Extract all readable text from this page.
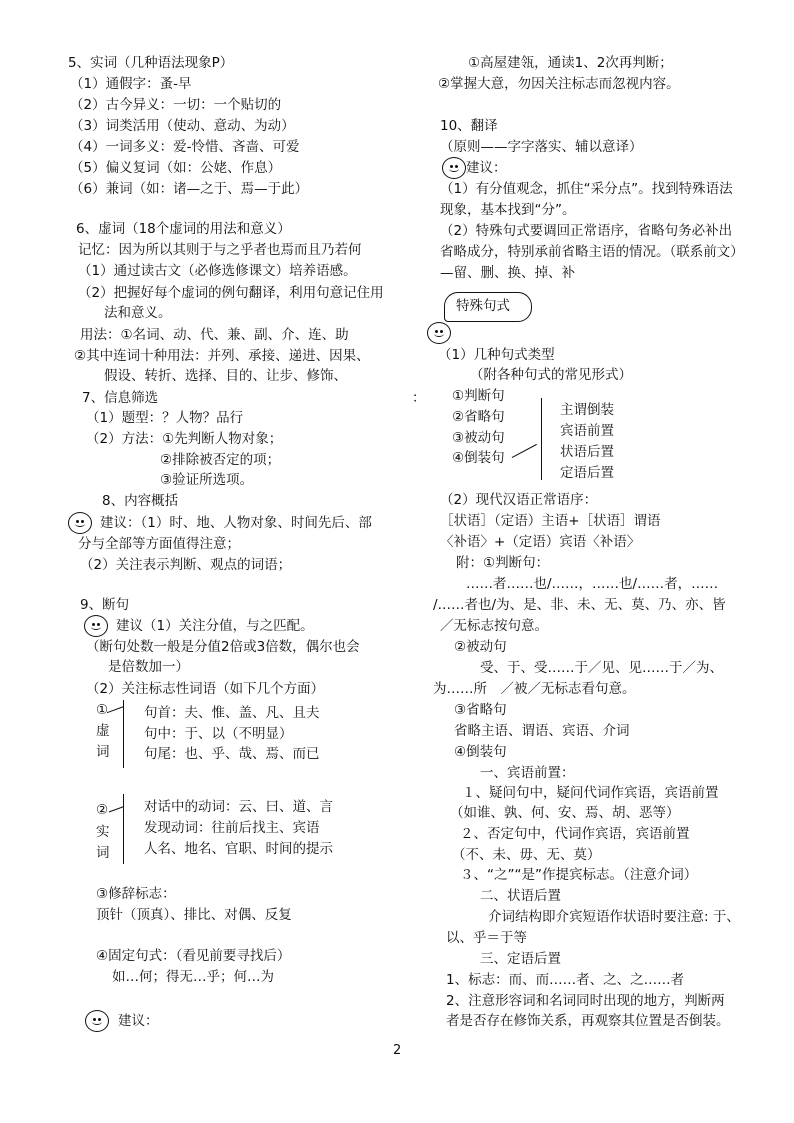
5、实词（几种语法现象P）
（1）通假字：蚤-早
（2）古今异义：一切：一个贴切的
（3）词类活用（使动、意动、为动）
（4）一词多义：爱-怜惜、吝啬、可爱
（5）偏义复词（如：公姥、作息）
（6）兼词（如：诸—之于、焉—于此）
6、虚词（18个虚词的用法和意义）
记忆：因为所以其则于与之乎者也焉而且乃若何
（1）通过读古文（必修选修课文）培养语感。
（2）把握好每个虚词的例句翻译，利用句意记住用
法和意义。
用法：①名词、动、代、兼、副、介、连、助
②其中连词十种用法：并列、承接、递进、因果、
假设、转折、选择、目的、让步、修饰、
7、信息筛选
（1）题型：？人物？品行
（2）方法：①先判断人物对象；
②排除被否定的项；
③验证所选项。
8、内容概括
建议：（1）时、地、人物对象、时间先后、部
分与全部等方面值得注意；
（2）关注表示判断、观点的词语；
9、断句
建议（1）关注分值，与之匹配。
（断句处数一般是分值2倍或3倍数，偶尔也会
是倍数加一）
（2）关注标志性词语（如下几个方面）
①
虚
词
句首：夫、惟、盖、凡、且夫
句中：于、以（不明显）
句尾：也、乎、哉、焉、而已
②
实
词
对话中的动词：云、曰、道、言
发现动词：往前后找主、宾语
人名、地名、官职、时间的提示
③修辞标志：
顶针（顶真）、排比、对偶、反复
④固定句式：（看见前要寻找后）
如…何；得无…乎；何…为
建议：
2
①高屋建瓴，通读1、2次再判断；
②掌握大意，勿因关注标志而忽视内容。
10、翻译
（原则——字字落实、辅以意译）
建议：
（1）有分值观念，抓住“采分点”。找到特殊语法
现象，基本找到“分”。
（2）特殊句式要调回正常语序，省略句务必补出
省略成分，特别承前省略主语的情况。（联系前文）
—留、删、换、掉、补
特殊句式
（1）几种句式类型
（附各种句式的常见形式）
： ①判断句
②省略句
③被动句
④倒装句
主谓倒装
宾语前置
状语后置
定语后置
（2）现代汉语正常语序：
［状语］（定语）主语+［状语］谓语
〈补语〉+（定语）宾语〈补语〉
附：①判断句：
……者……也/……，……也/……者，……
/……者也/为、是、非、未、无、莫、乃、亦、皆
／无标志按句意。
②被动句
受、于、受……于／见、见……于／为、
为……所　／被／无标志看句意。
③省略句
省略主语、谓语、宾语、介词
④倒装句
一、宾语前置：
１、疑问句中，疑问代词作宾语，宾语前置
（如谁、孰、何、安、焉、胡、恶等）
２、否定句中，代词作宾语，宾语前置
（不、未、毋、无、莫）
３、“之”“是”作提宾标志。（注意介词）
二、状语后置
介词结构即介宾短语作状语时要注意: 于、
以、乎＝于等
三、定语后置
1、标志：而、而……者、之、之……者
2、注意形容词和名词同时出现的地方，判断两
者是否存在修饰关系，再观察其位置是否倒装。
